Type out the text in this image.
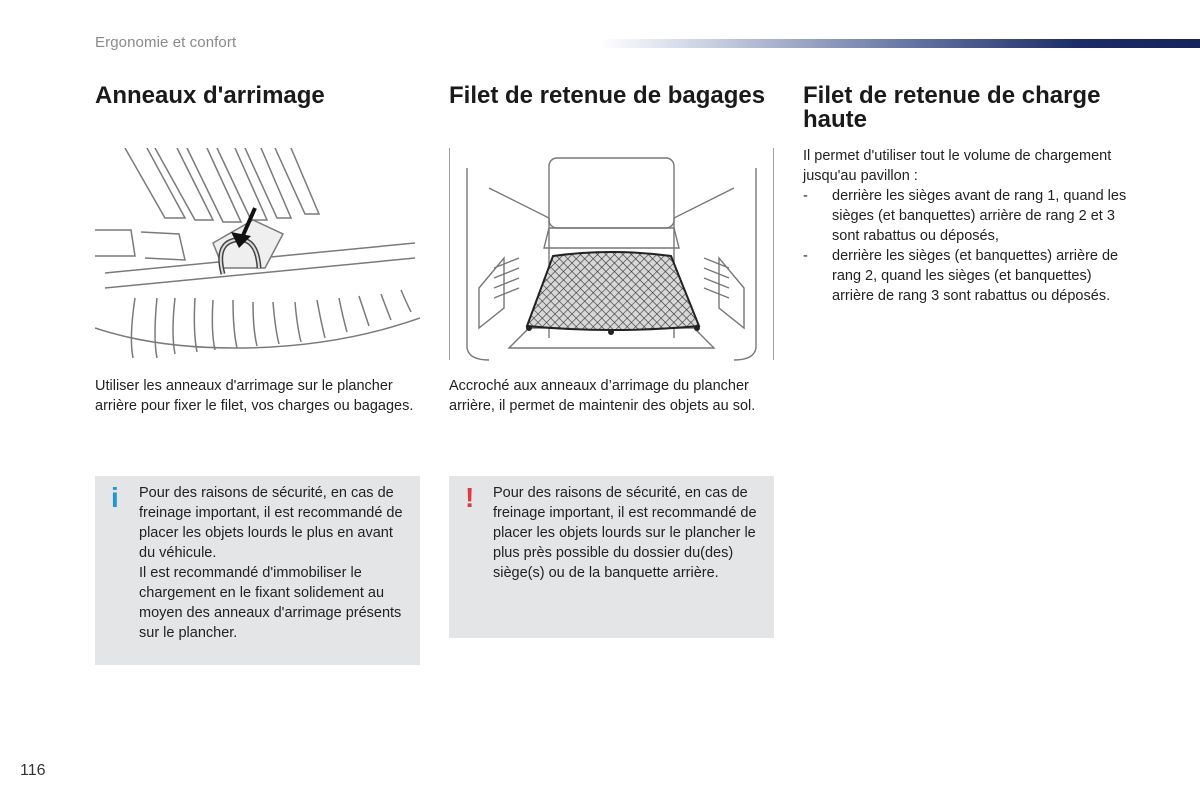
Ergonomie et confort
Anneaux d'arrimage

Utiliser les anneaux d'arrimage sur le plancher arrière pour fixer le filet, vos charges ou bagages.

i Pour des raisons de sécurité, en cas de freinage important, il est recommandé de placer les objets lourds le plus en avant du véhicule.

Il est recommandé d'immobiliser le chargement en le fixant solidement au moyen des anneaux d'arrimage présents sur le plancher.

Filet de retenue de bagages

Accroché aux anneaux d’arrimage du plancher arrière, il permet de maintenir des objets au sol.

! Pour des raisons de sécurité, en cas de freinage important, il est recommandé de placer les objets lourds sur le plancher le plus près possible du dossier du(des) siège(s) ou de la banquette arrière.

Filet de retenue de charge haute

Il permet d'utiliser tout le volume de chargement jusqu'au pavillon :

- derrière les sièges avant de rang 1, quand les sièges (et banquettes) arrière de rang 2 et 3 sont rabattus ou déposés,
- derrière les sièges (et banquettes) arrière de rang 2, quand les sièges (et banquettes) arrière de rang 3 sont rabattus ou déposés.
116
